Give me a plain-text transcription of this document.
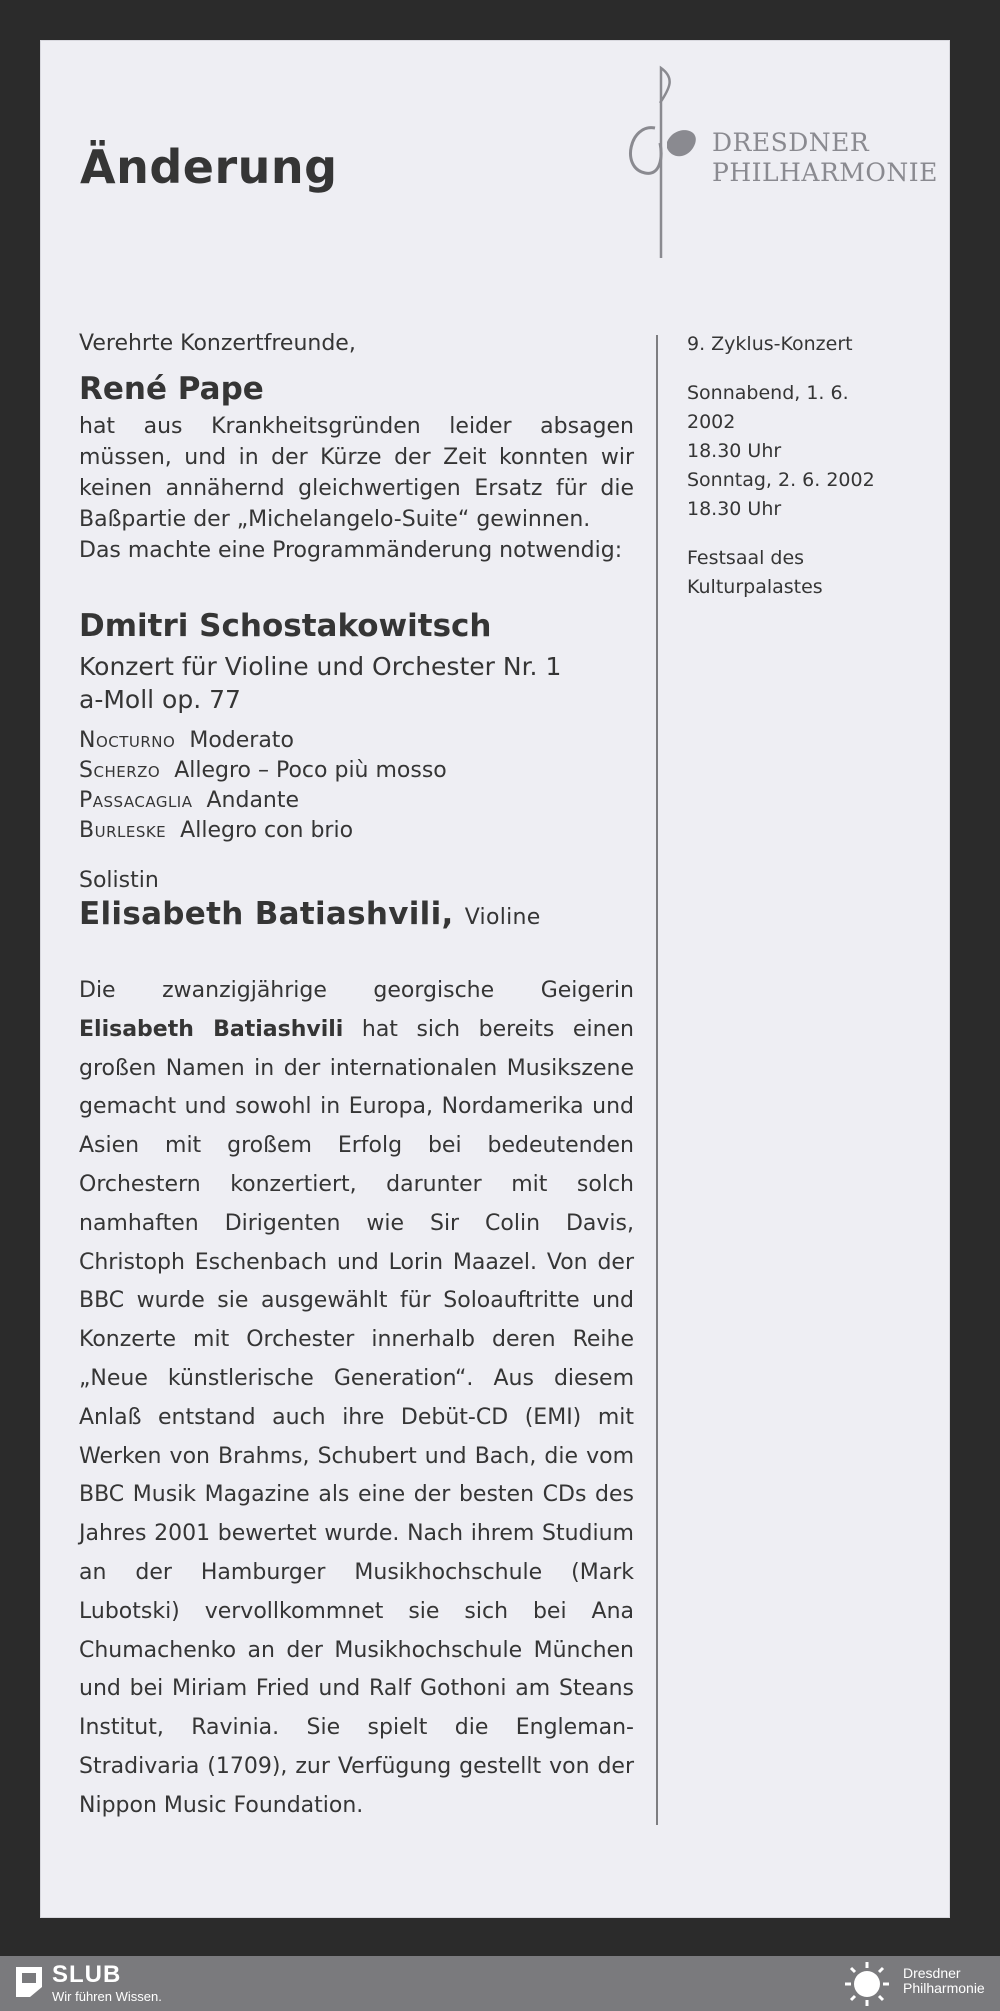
Änderung	DRESDNER
PHILHARMONIE

Verehrte Konzertfreunde,

René Pape

hat aus Krankheitsgründen leider absagen müssen, und in der Kürze der Zeit konnten wir keinen annähernd gleichwertigen Ersatz für die Baßpartie der „Michelangelo-Suite“ gewinnen.

Das machte eine Programmänderung notwendig:

Dmitri Schostakowitsch
Konzert für Violine und Orchester Nr. 1
a-Moll op. 77
Nocturno Moderato
Scherzo Allegro – Poco più mosso
Passacaglia Andante
Burleske Allegro con brio
Solistin
Elisabeth Batiashvili, Violine
Die zwanzigjährige georgische Geigerin Elisabeth Batiashvili hat sich bereits einen großen Namen in der internationalen Musikszene gemacht und sowohl in Europa, Nordamerika und Asien mit großem Erfolg bei bedeutenden Orchestern konzertiert, darunter mit solch namhaften Dirigenten wie Sir Colin Davis, Christoph Eschenbach und Lorin Maazel. Von der BBC wurde sie ausgewählt für Soloauftritte und Konzerte mit Orchester innerhalb deren Reihe „Neue künstlerische Generation“. Aus diesem Anlaß entstand auch ihre Debüt-CD (EMI) mit Werken von Brahms, Schubert und Bach, die vom BBC Musik Magazine als eine der besten CDs des Jahres 2001 bewertet wurde. Nach ihrem Studium an der Hamburger Musikhochschule (Mark Lubotski) vervollkommnet sie sich bei Ana Chumachenko an der Musikhochschule München und bei Miriam Fried und Ralf Gothoni am Steans Institut, Ravinia. Sie spielt die Engleman-Stradivaria (1709), zur Verfügung gestellt von der Nippon Music Foundation.
9. Zyklus-Konzert
Sonnabend, 1. 6. 2002
18.30 Uhr
Sonntag, 2. 6. 2002
18.30 Uhr
Festsaal des
Kulturpalastes
SLUB
Wir führen Wissen.
Dresdner
Philharmonie
